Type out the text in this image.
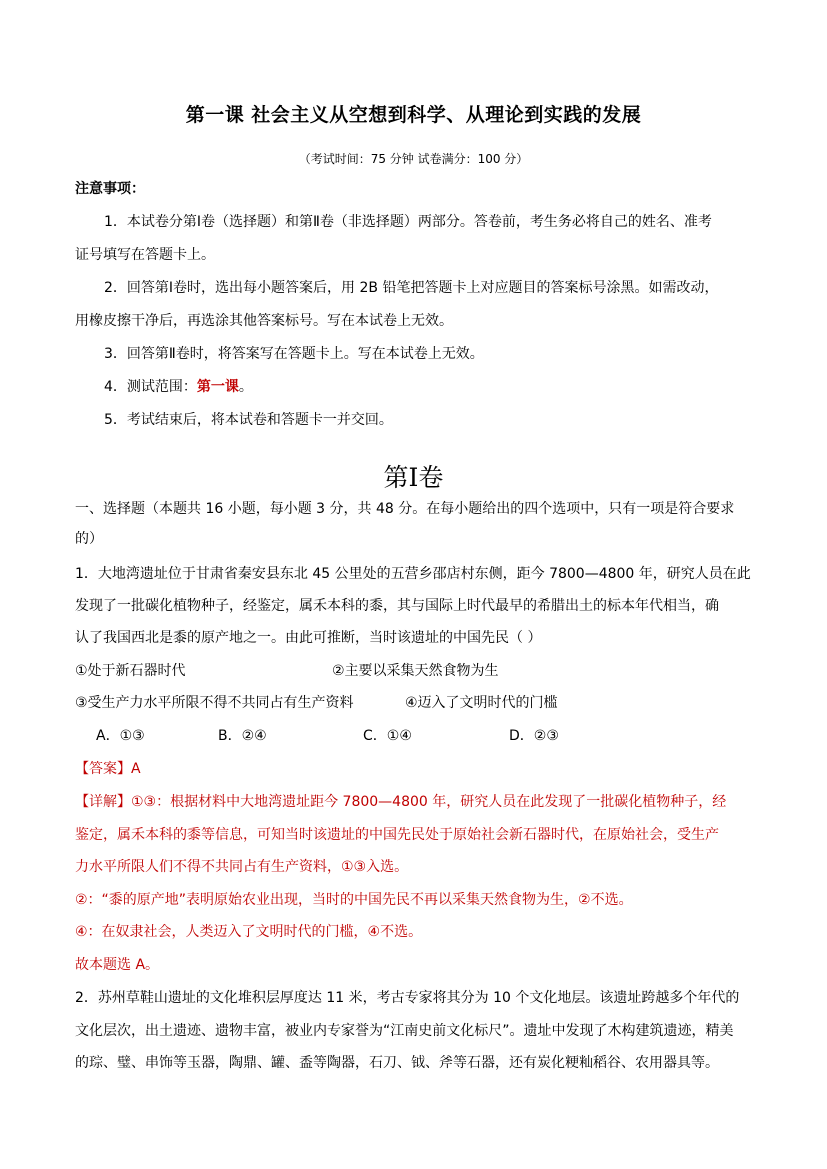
第一课 社会主义从空想到科学、从理论到实践的发展
（考试时间：75 分钟 试卷满分：100 分）
注意事项：
1．本试卷分第Ⅰ卷（选择题）和第Ⅱ卷（非选择题）两部分。答卷前，考生务必将自己的姓名、准考
证号填写在答题卡上。
2．回答第Ⅰ卷时，选出每小题答案后，用 2B 铅笔把答题卡上对应题目的答案标号涂黑。如需改动，
用橡皮擦干净后，再选涂其他答案标号。写在本试卷上无效。
3．回答第Ⅱ卷时，将答案写在答题卡上。写在本试卷上无效。
4．测试范围：第一课。
5．考试结束后，将本试卷和答题卡一并交回。
第Ⅰ卷
一、选择题（本题共 16 小题，每小题 3 分，共 48 分。在每小题给出的四个选项中，只有一项是符合要求
的）
1．大地湾遗址位于甘肃省秦安县东北 45 公里处的五营乡邵店村东侧，距今 7800—4800 年，研究人员在此
发现了一批碳化植物种子，经鉴定，属禾本科的黍，其与国际上时代最早的希腊出土的标本年代相当，确
认了我国西北是黍的原产地之一。由此可推断，当时该遗址的中国先民（ ）
①处于新石器时代	②主要以采集天然食物为生
③受生产力水平所限不得不共同占有生产资料	④迈入了文明时代的门槛
A．①③	B．②④	C．①④	D．②③
【答案】A
【详解】①③：根据材料中大地湾遗址距今 7800—4800 年，研究人员在此发现了一批碳化植物种子，经
鉴定，属禾本科的黍等信息，可知当时该遗址的中国先民处于原始社会新石器时代，在原始社会，受生产
力水平所限人们不得不共同占有生产资料，①③入选。
②：“黍的原产地”表明原始农业出现，当时的中国先民不再以采集天然食物为生，②不选。
④：在奴隶社会，人类迈入了文明时代的门槛，④不选。
故本题选 A。
2．苏州草鞋山遗址的文化堆积层厚度达 11 米，考古专家将其分为 10 个文化地层。该遗址跨越多个年代的
文化层次，出土遗迹、遗物丰富，被业内专家誉为“江南史前文化标尺”。遗址中发现了木构建筑遗迹，精美
的琮、璧、串饰等玉器，陶鼎、罐、盉等陶器，石刀、钺、斧等石器，还有炭化粳籼稻谷、农用器具等。
